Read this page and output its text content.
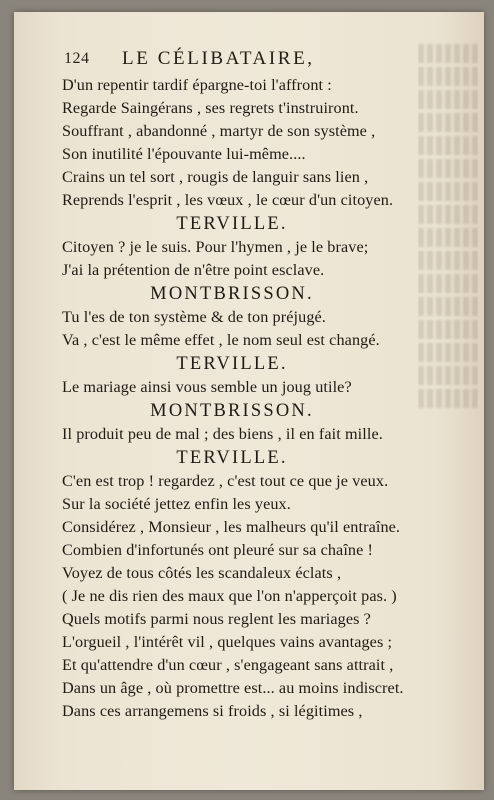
124 LE CÉLIBATAIRE,
D'un repentir tardif épargne-toi l'affront :
Regarde Saingérans , ses regrets t'instruiront.
Souffrant , abandonné , martyr de son système ,
Son inutilité l'épouvante lui-même....
Crains un tel sort , rougis de languir sans lien ,
Reprends l'esprit , les vœux , le cœur d'un citoyen.
TERVILLE.
Citoyen ? je le suis. Pour l'hymen , je le brave;
J'ai la prétention de n'être point esclave.
MONTBRISSON.
Tu l'es de ton système & de ton préjugé.
Va , c'est le même effet , le nom seul est changé.
TERVILLE.
Le mariage ainsi vous semble un joug utile?
MONTBRISSON.
Il produit peu de mal ; des biens , il en fait mille.
TERVILLE.
C'en est trop ! regardez , c'est tout ce que je veux.
Sur la société jettez enfin les yeux.
Considérez , Monsieur , les malheurs qu'il entraîne.
Combien d'infortunés ont pleuré sur sa chaîne !
Voyez de tous côtés les scandaleux éclats ,
( Je ne dis rien des maux que l'on n'apperçoit pas. )
Quels motifs parmi nous reglent les mariages ?
L'orgueil , l'intérêt vil , quelques vains avantages ;
Et qu'attendre d'un cœur , s'engageant sans attrait ,
Dans un âge , où promettre est... au moins indiscret.
Dans ces arrangemens si froids , si légitimes ,
